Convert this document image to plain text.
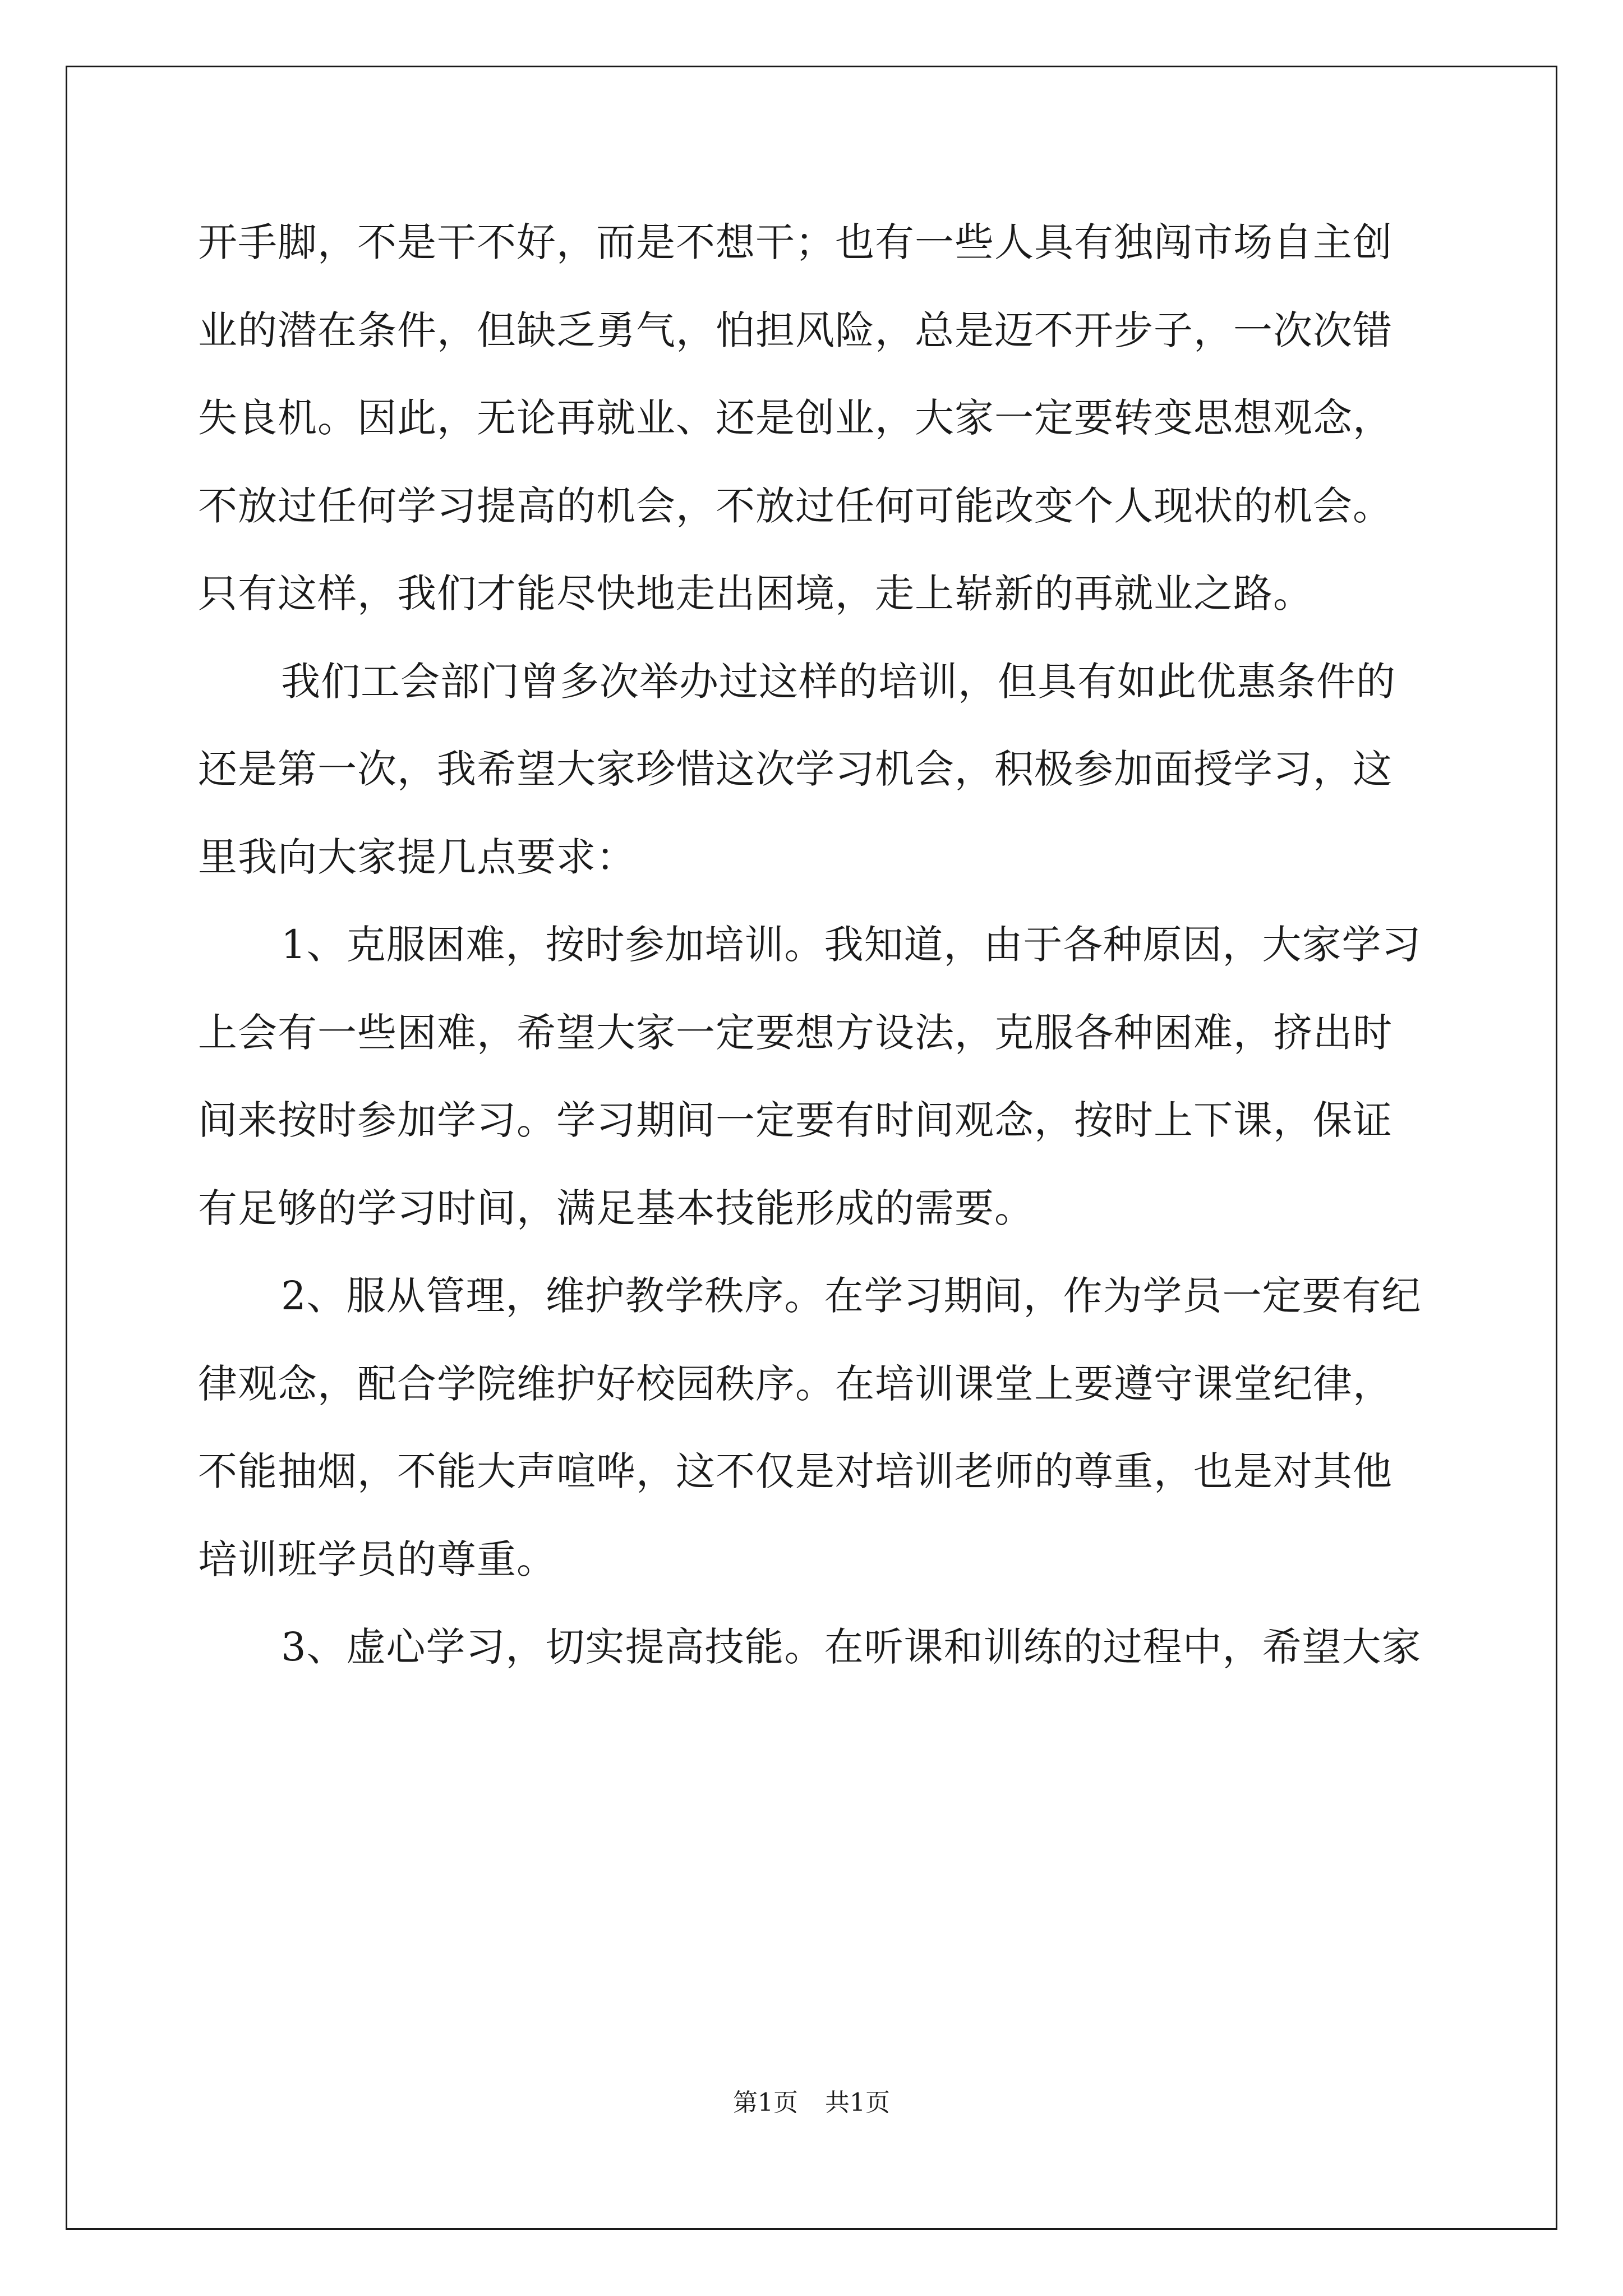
开手脚，不是干不好，而是不想干；也有一些人具有独闯市场自主创
业的潜在条件，但缺乏勇气，怕担风险，总是迈不开步子，一次次错
失良机。因此，无论再就业、还是创业，大家一定要转变思想观念，
不放过任何学习提高的机会，不放过任何可能改变个人现状的机会。
只有这样，我们才能尽快地走出困境，走上崭新的再就业之路。
我们工会部门曾多次举办过这样的培训，但具有如此优惠条件的
还是第一次，我希望大家珍惜这次学习机会，积极参加面授学习，这
里我向大家提几点要求：
1、克服困难，按时参加培训。我知道，由于各种原因，大家学习
上会有一些困难，希望大家一定要想方设法，克服各种困难，挤出时
间来按时参加学习。学习期间一定要有时间观念，按时上下课，保证
有足够的学习时间，满足基本技能形成的需要。
2、服从管理，维护教学秩序。在学习期间，作为学员一定要有纪
律观念，配合学院维护好校园秩序。在培训课堂上要遵守课堂纪律，
不能抽烟，不能大声喧哗，这不仅是对培训老师的尊重，也是对其他
培训班学员的尊重。
3、虚心学习，切实提高技能。在听课和训练的过程中，希望大家
第1页 共1页
